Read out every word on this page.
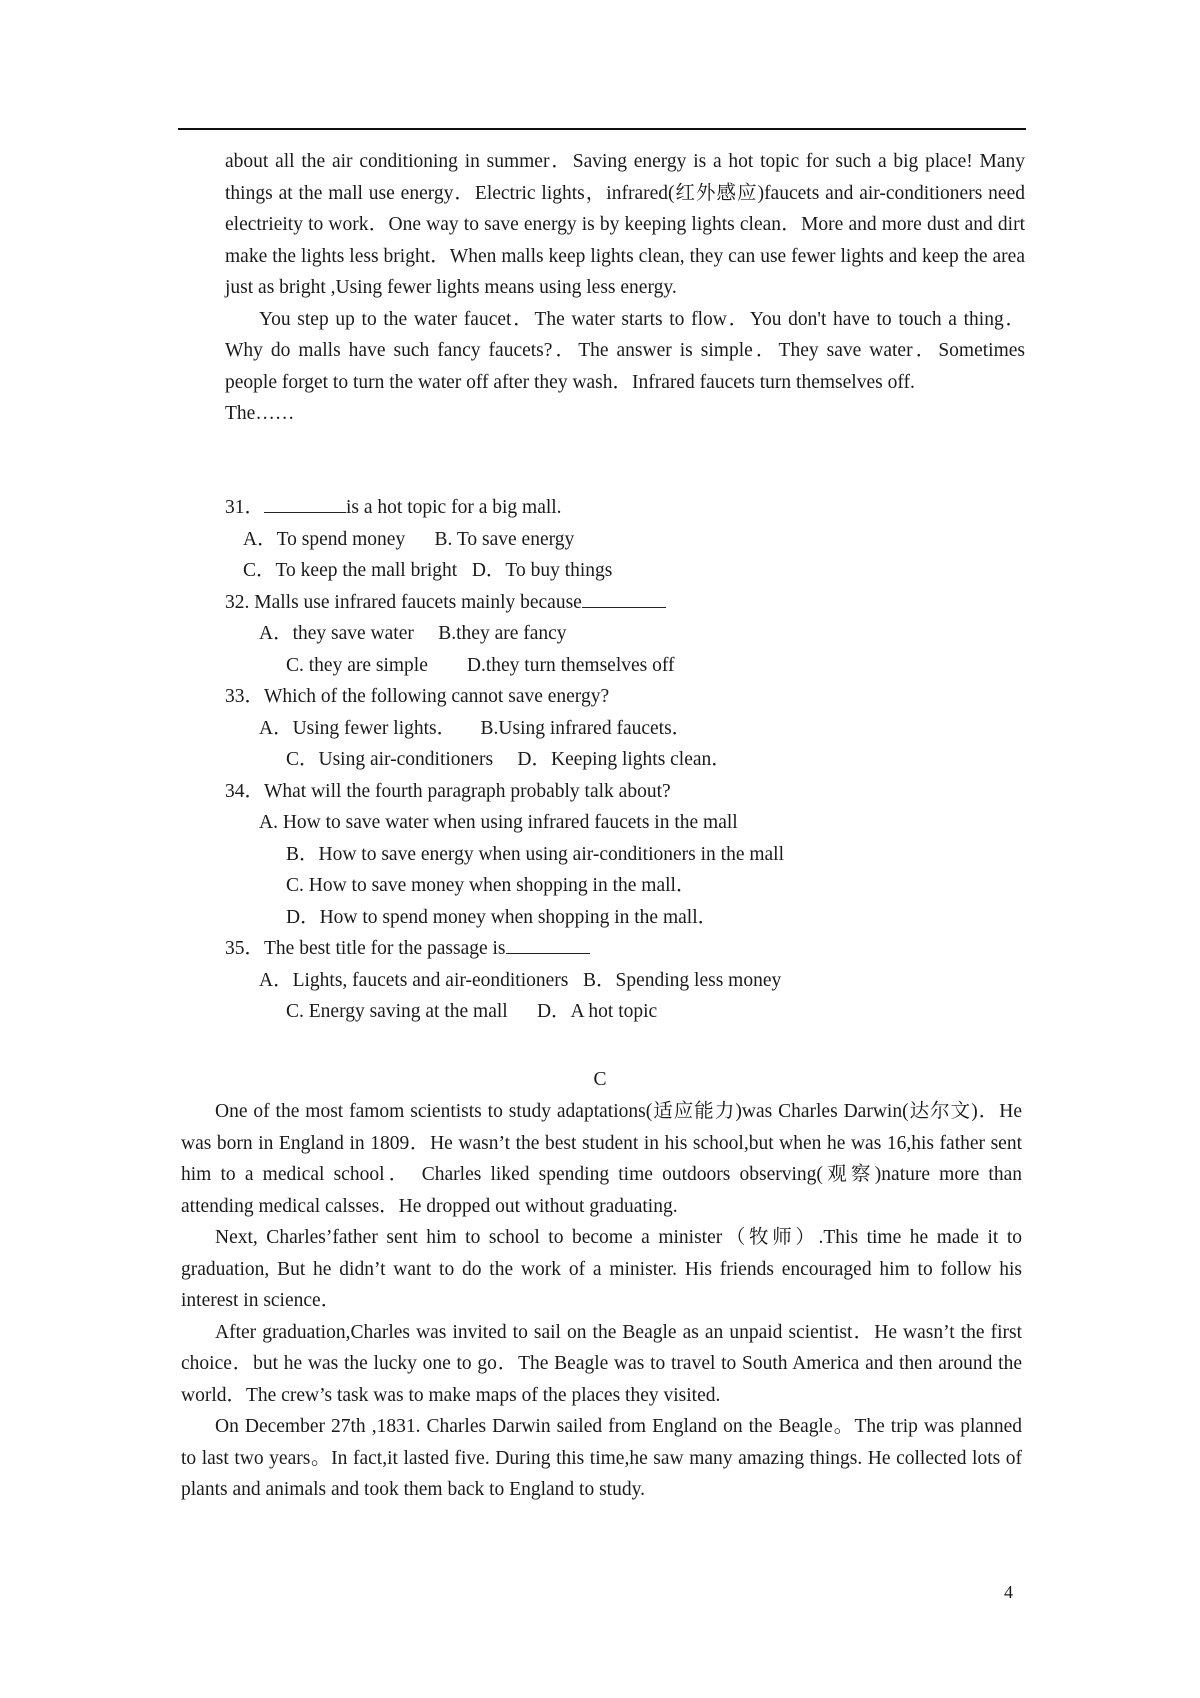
about all the air conditioning in summer．Saving energy is a hot topic for such a big place! Many things at the mall use energy．Electric lights，infrared(红外感应)faucets and air-conditioners need electrieity to work．One way to save energy is by keeping lights clean．More and more dust and dirt make the lights less bright．When malls keep lights clean, they can use fewer lights and keep the area just as bright ,Using fewer lights means using less energy.

You step up to the water faucet．The water starts to flow．You don't have to touch a thing．Why do malls have such fancy faucets?．The answer is simple．They save water．Sometimes people forget to turn the water off after they wash．Infrared faucets turn themselves off.

The……

31．	is a hot topic for a big mall.

A．To spend money B. To save energy

C．To keep the mall bright D．To buy things

32. Malls use infrared faucets mainly because

A．they save water B.they are fancy

C. they are simple D.they turn themselves off

33．Which of the following cannot save energy?

A．Using fewer lights． B.Using infrared faucets．

C．Using air-conditioners D．Keeping lights clean．

34．What will the fourth paragraph probably talk about?

A. How to save water when using infrared faucets in the mall

B．How to save energy when using air-conditioners in the mall

C. How to save money when shopping in the mall．

D．How to spend money when shopping in the mall．

35．The best title for the passage is

A．Lights, faucets and air-eonditioners B．Spending less money

C. Energy saving at the mall D．A hot topic

C

One of the most famom scientists to study adaptations(适应能力)was Charles Darwin(达尔文)．He was born in England in 1809．He wasn’t the best student in his school,but when he was 16,his father sent him to a medical school． Charles liked spending time outdoors observing(观察)nature more than attending medical calsses．He dropped out without graduating.

Next, Charles’father sent him to school to become a minister（牧师）.This time he made it to graduation, But he didn’t want to do the work of a minister. His friends encouraged him to follow his interest in science．

After graduation,Charles was invited to sail on the Beagle as an unpaid scientist．He wasn’t the first choice．but he was the lucky one to go．The Beagle was to travel to South America and then around the world．The crew’s task was to make maps of the places they visited.

On December 27th ,1831. Charles Darwin sailed from England on the Beagle。The trip was planned to last two years。In fact,it lasted five. During this time,he saw many amazing things. He collected lots of plants and animals and took them back to England to study.

4
